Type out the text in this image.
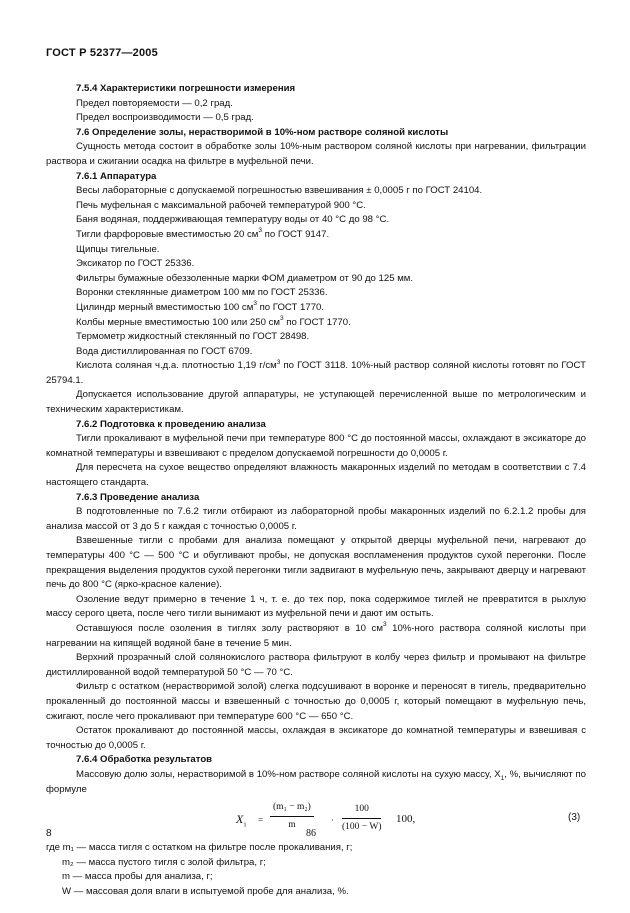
ГОСТ Р 52377—2005

7.5.4 Характеристики погрешности измерения

Предел повторяемости — 0,2 град.

Предел воспроизводимости — 0,5 град.

7.6 Определение золы, нерастворимой в 10%-ном растворе соляной кислоты

Сущность метода состоит в обработке золы 10%-ным раствором соляной кислоты при нагревании, фильтрации раствора и сжигании осадка на фильтре в муфельной печи.

7.6.1 Аппаратура

Весы лабораторные с допускаемой погрешностью взвешивания ± 0,0005 г по ГОСТ 24104.

Печь муфельная с максимальной рабочей температурой 900 °С.

Баня водяная, поддерживающая температуру воды от 40 °С до 98 °С.

Тигли фарфоровые вместимостью 20 $см^3$ по ГОСТ 9147.

Щипцы тигельные.

Эксикатор по ГОСТ 25336.

Фильтры бумажные обеззоленные марки ФОМ диаметром от 90 до 125 мм.

Воронки стеклянные диаметром 100 мм по ГОСТ 25336.

Цилиндр мерный вместимостью 100 $см^3$ по ГОСТ 1770.

Колбы мерные вместимостью 100 или 250 $см^3$ по ГОСТ 1770.

Термометр жидкостный стеклянный по ГОСТ 28498.

Вода дистиллированная по ГОСТ 6709.

Кислота соляная ч.д.а. плотностью 1,19 $г/см^3$ по ГОСТ 3118. 10%-ный раствор соляной кислоты готовят по ГОСТ 25794.1.

Допускается использование другой аппаратуры, не уступающей перечисленной выше по метрологическим и техническим характеристикам.

7.6.2 Подготовка к проведению анализа

Тигли прокаливают в муфельной печи при температуре 800 °С до постоянной массы, охлаждают в эксикаторе до комнатной температуры и взвешивают с пределом допускаемой погрешности до 0,0005 г.

Для пересчета на сухое вещество определяют влажность макаронных изделий по методам в соответствии с 7.4 настоящего стандарта.

7.6.3 Проведение анализа

В подготовленные по 7.6.2 тигли отбирают из лабораторной пробы макаронных изделий по 6.2.1.2 пробы для анализа массой от 3 до 5 г каждая с точностью 0,0005 г.

Взвешенные тигли с пробами для анализа помещают у открытой дверцы муфельной печи, нагревают до температуры 400 °С — 500 °С и обугливают пробы, не допуская воспламенения продуктов сухой перегонки. После прекращения выделения продуктов сухой перегонки тигли задвигают в муфельную печь, закрывают дверцу и нагревают печь до 800 °С (ярко-красное каление).

Озоление ведут примерно в течение 1 ч, т. е. до тех пор, пока содержимое тиглей не превратится в рыхлую массу серого цвета, после чего тигли вынимают из муфельной печи и дают им остыть.

Оставшуюся после озоления в тиглях золу растворяют в 10 $см^3$ 10%-ного раствора соляной кислоты при нагревании на кипящей водяной бане в течение 5 мин.

Верхний прозрачный слой солянокислого раствора фильтруют в колбу через фильтр и промывают на фильтре дистиллированной водой температурой 50 °С — 70 °С.

Фильтр с остатком (нерастворимой золой) слегка подсушивают в воронке и переносят в тигель, предварительно прокаленный до постоянной массы и взвешенный с точностью до 0,0005 г, который помещают в муфельную печь, сжигают, после чего прокаливают при температуре 600 °С — 650 °С.

Остаток прокаливают до постоянной массы, охлаждая в эксикаторе до комнатной температуры и взвешивая с точностью до 0,0005 г.

7.6.4 Обработка результатов

Массовую долю золы, нерастворимой в 10%-ном растворе соляной кислоты на сухую массу, $X_1$, %, вычисляют по формуле

$X_1 = \frac{\text{(m₁ − m₂)}}{m} \cdot \frac{100}{(100 - W)} 100$,	(3)

где m₁ — масса тигля с остатком на фильтре после прокаливания, г;

m₂ — масса пустого тигля с золой фильтра, г;

m — масса пробы для анализа, г;

W — массовая доля влаги в испытуемой пробе для анализа, %.

8	86
